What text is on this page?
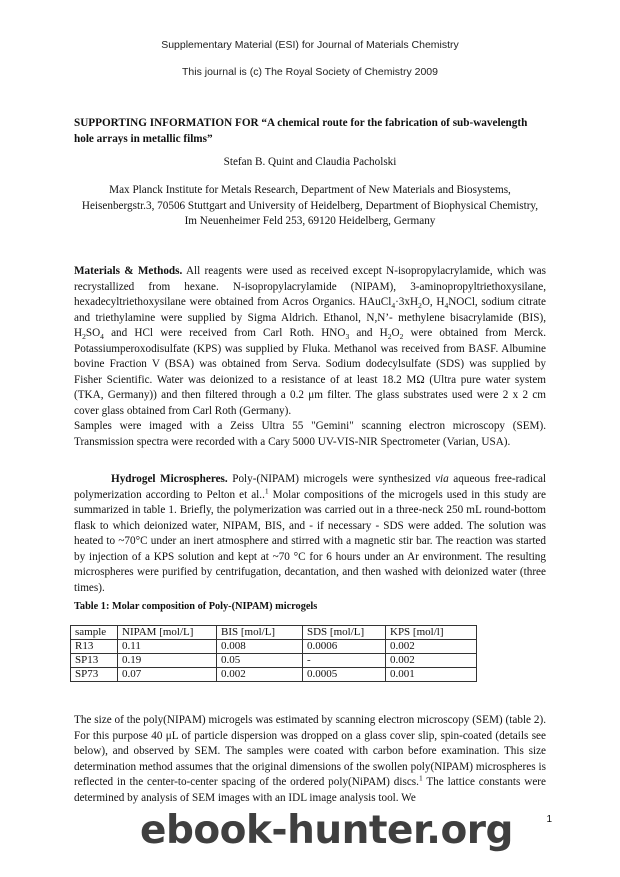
Supplementary Material (ESI) for Journal of Materials Chemistry
This journal is (c) The Royal Society of Chemistry 2009
SUPPORTING INFORMATION FOR “A chemical route for the fabrication of sub-wavelength hole arrays in metallic films”
Stefan B. Quint and Claudia Pacholski
Max Planck Institute for Metals Research, Department of New Materials and Biosystems,
Heisenbergstr.3, 70506 Stuttgart and University of Heidelberg, Department of Biophysical Chemistry,
Im Neuenheimer Feld 253, 69120 Heidelberg, Germany

Materials & Methods. All reagents were used as received except N-isopropylacrylamide, which was recrystallized from hexane. N-isopropylacrylamide (NIPAM), 3-aminopropyltriethoxysilane, hexadecyltriethoxysilane were obtained from Acros Organics. $HAuCl_4\cdot 3xH_2O$, $H_4NOCl$, sodium citrate and triethylamine were supplied by Sigma Aldrich. Ethanol, N,N’- methylene bisacrylamide (BIS), $H_2SO_4$ and HCl were received from Carl Roth. $HNO_3$ and $H_2O_2$ were obtained from Merck. Potassiumperoxodisulfate (KPS) was supplied by Fluka. Methanol was received from BASF. Albumine bovine Fraction V (BSA) was obtained from Serva. Sodium dodecylsulfate (SDS) was supplied by Fisher Scientific. Water was deionized to a resistance of at least 18.2 MΩ (Ultra pure water system (TKA, Germany)) and then filtered through a 0.2 μm filter. The glass substrates used were 2 x 2 cm cover glass obtained from Carl Roth (Germany).
Samples were imaged with a Zeiss Ultra 55 "Gemini" scanning electron microscopy (SEM). Transmission spectra were recorded with a Cary 5000 UV-VIS-NIR Spectrometer (Varian, USA).

Hydrogel Microspheres. Poly-(NIPAM) microgels were synthesized via aqueous free-radical polymerization according to Pelton et al..$^1$ Molar compositions of the microgels used in this study are summarized in table 1. Briefly, the polymerization was carried out in a three-neck 250 mL round-bottom flask to which deionized water, NIPAM, BIS, and - if necessary - SDS were added. The solution was heated to ~70°C under an inert atmosphere and stirred with a magnetic stir bar. The reaction was started by injection of a KPS solution and kept at ~70 °C for 6 hours under an Ar environment. The resulting microspheres were purified by centrifugation, decantation, and then washed with deionized water (three times).

Table 1: Molar composition of Poly-(NIPAM) microgels
sample	NIPAM [mol/L]	BIS [mol/L]	SDS [mol/L]	KPS [mol/l]
R13	0.11	0.008	0.0006	0.002
SP13	0.19	0.05	-	0.002
SP73	0.07	0.002	0.0005	0.001

The size of the poly(NIPAM) microgels was estimated by scanning electron microscopy (SEM) (table 2). For this purpose 40 μL of particle dispersion was dropped on a glass cover slip, spin-coated (details see below), and observed by SEM. The samples were coated with carbon before examination. This size determination method assumes that the original dimensions of the swollen poly(NIPAM) microspheres is reflected in the center-to-center spacing of the ordered poly(NiPAM) discs.$^1$ The lattice constants were determined by analysis of SEM images with an IDL image analysis tool. We

ebook-hunter.org	1
